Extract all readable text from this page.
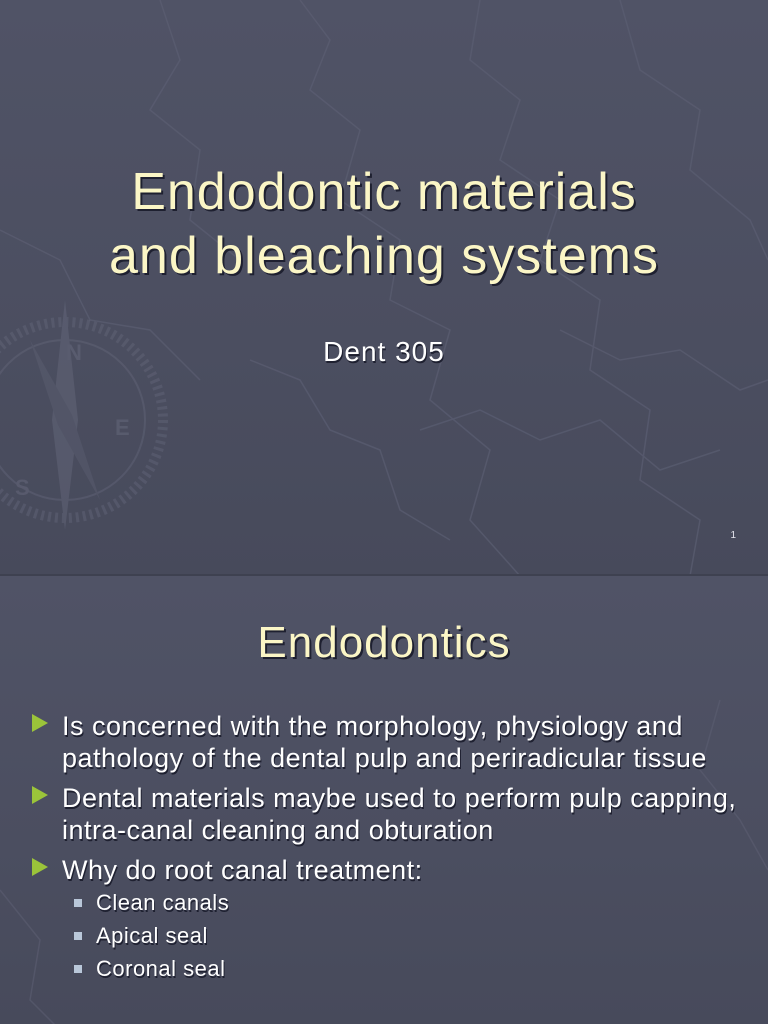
N
S
E
Endodontic materials
and bleaching systems
Dent 305
1
Endodontics
Is concerned with the morphology, physiology and pathology of the dental pulp and periradicular tissue
Dental materials maybe used to perform pulp capping, intra-canal cleaning and obturation
Why do root canal treatment:
Clean canals
Apical seal
Coronal seal
